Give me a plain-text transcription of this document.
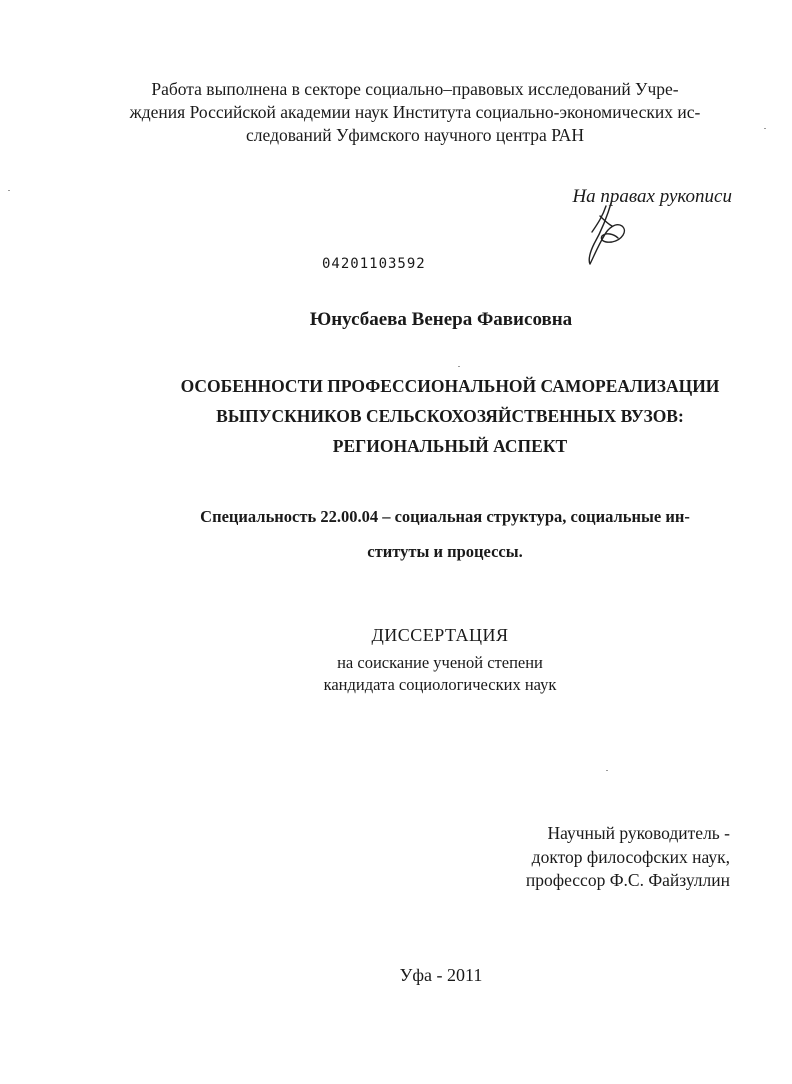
Работа выполнена в секторе социально–правовых исследований Учре-
ждения Российской академии наук Института социально-экономических ис-
следований Уфимского научного центра РАН
На правах рукописи
04201103592
Юнусбаева Венера Фависовна
ОСОБЕННОСТИ ПРОФЕССИОНАЛЬНОЙ САМОРЕАЛИЗАЦИИ
ВЫПУСКНИКОВ СЕЛЬСКОХОЗЯЙСТВЕННЫХ ВУЗОВ:
РЕГИОНАЛЬНЫЙ АСПЕКТ
Специальность 22.00.04 – социальная структура, социальные ин-
ституты и процессы.
ДИССЕРТАЦИЯ
на соискание ученой степени
кандидата социологических наук
Научный руководитель -
доктор философских наук,
профессор Ф.С. Файзуллин
Уфа - 2011
